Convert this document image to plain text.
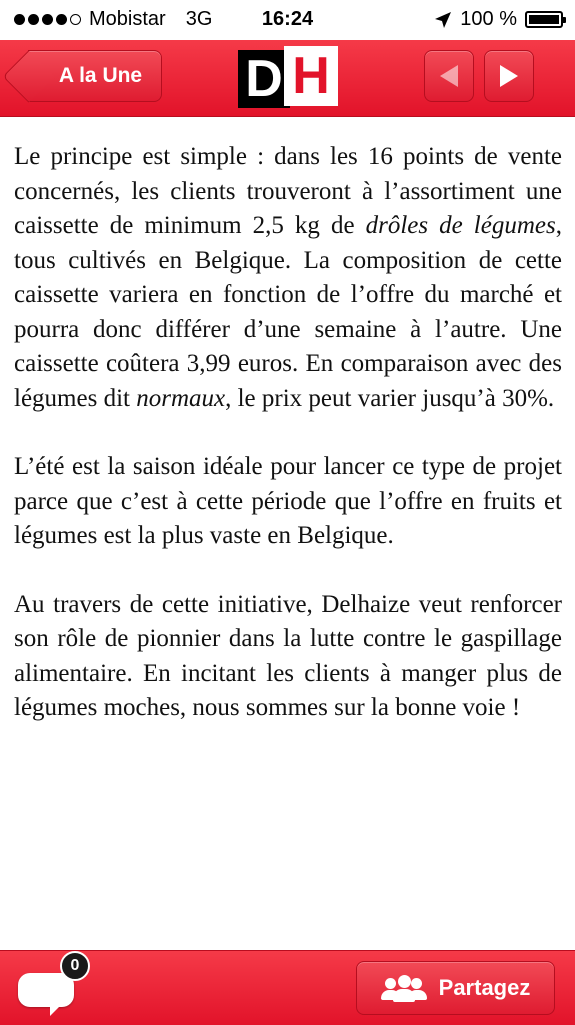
Mobistar 3G	16:24	100 %
A la Une D H

Le principe est simple : dans les 16 points de vente concernés, les clients trouveront à l’assortiment une caissette de minimum 2,5 kg de drôles de légumes, tous cultivés en Belgique. La composition de cette caissette variera en fonction de l’offre du marché et pourra donc différer d’une semaine à l’autre. Une caissette coûtera 3,99 euros. En comparaison avec des légumes dit normaux, le prix peut varier jusqu’à 30%.

L’été est la saison idéale pour lancer ce type de projet parce que c’est à cette période que l’offre en fruits et légumes est la plus vaste en Belgique.

Au travers de cette initiative, Delhaize veut renforcer son rôle de pionnier dans la lutte contre le gaspillage alimentaire. En incitant les clients à manger plus de légumes moches, nous sommes sur la bonne voie !

0
Partagez
